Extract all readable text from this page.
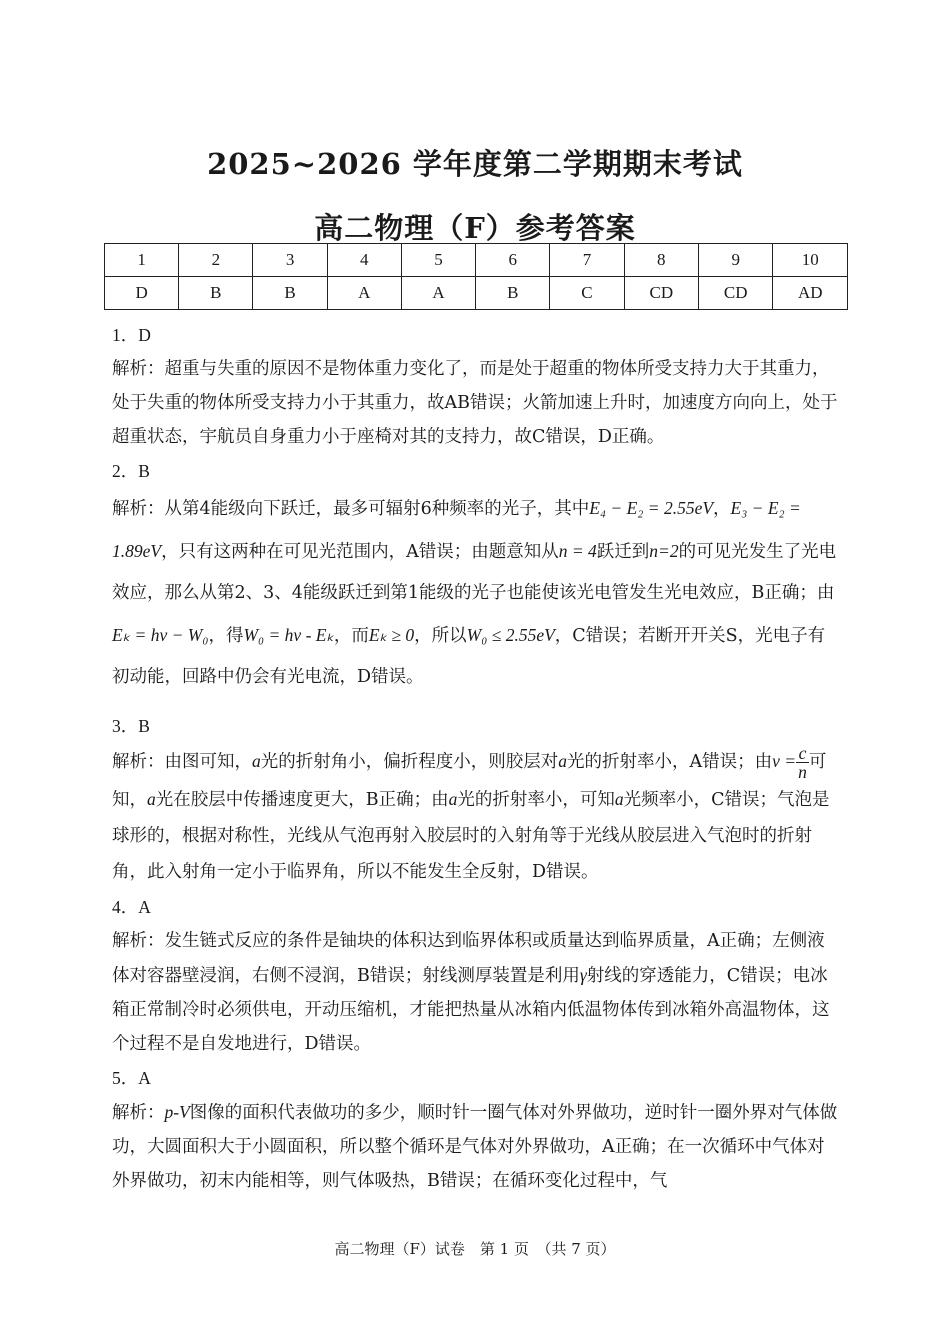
2025~2026 学年度第二学期期末考试
高二物理（F）参考答案
1	2	3	4	5	6	7	8	9	10
D	B	B	A	A	B	C	CD	CD	AD

1．D

解析：超重与失重的原因不是物体重力变化了，而是处于超重的物体所受支持力大于其重力，处于失重的物体所受支持力小于其重力，故AB错误；火箭加速上升时，加速度方向向上，处于超重状态，宇航员自身重力小于座椅对其的支持力，故C错误，D正确。

2．B

解析：从第4能级向下跃迁，最多可辐射6种频率的光子，其中E₄ − E₂ = 2.55eV，E₃ − E₂ = 1.89eV，只有这两种在可见光范围内，A错误；由题意知从n = 4跃迁到n=2的可见光发生了光电效应，那么从第2、3、4能级跃迁到第1能级的光子也能使该光电管发生光电效应，B正确；由Eₖ = hν − W₀，得W₀ = hν - Eₖ，而Eₖ ≥ 0，所以W₀ ≤ 2.55eV，C错误；若断开开关S，光电子有初动能，回路中仍会有光电流，D错误。

3．B

解析：由图可知，a光的折射角小，偏折程度小，则胶层对a光的折射率小，A错误；由$v = \frac{c}{n}$ 可知，a光在胶层中传播速度更大，B正确；由a光的折射率小，可知a光频率小，C错误；气泡是球形的，根据对称性，光线从气泡再射入胶层时的入射角等于光线从胶层进入气泡时的折射角，此入射角一定小于临界角，所以不能发生全反射，D错误。

4．A

解析：发生链式反应的条件是铀块的体积达到临界体积或质量达到临界质量，A正确；左侧液体对容器壁浸润，右侧不浸润，B错误；射线测厚装置是利用γ射线的穿透能力，C错误；电冰箱正常制冷时必须供电，开动压缩机，才能把热量从冰箱内低温物体传到冰箱外高温物体，这个过程不是自发地进行，D错误。

5．A

解析：p-V图像的面积代表做功的多少，顺时针一圈气体对外界做功，逆时针一圈外界对气体做功，大圆面积大于小圆面积，所以整个循环是气体对外界做功，A正确；在一次循环中气体对外界做功，初末内能相等，则气体吸热，B错误；在循环变化过程中，气

高二物理（F）试卷　第 1 页　（共 7 页）
